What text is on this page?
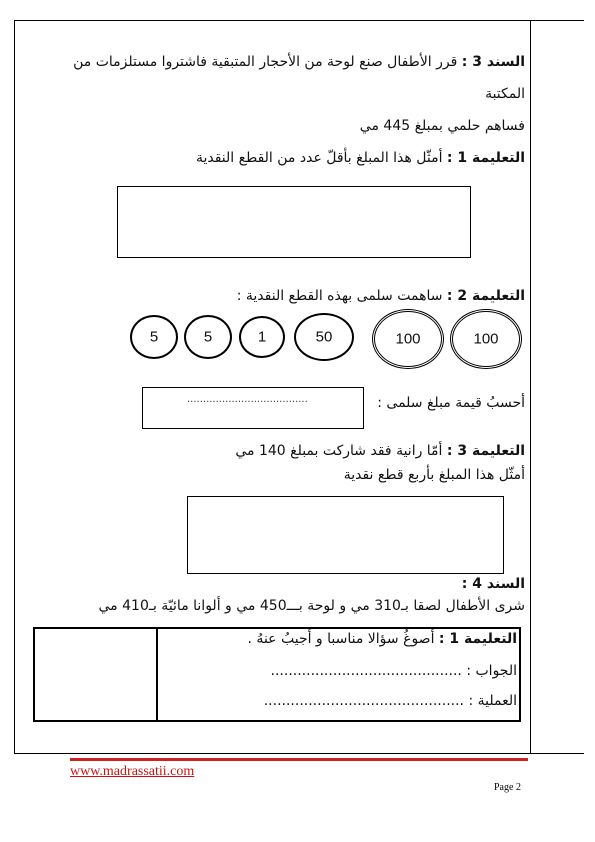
السند 3 : قرر الأطفال صنع لوحة من الأحجار المتبقية فاشتروا مستلزمات من
المكتبة
فساهم حلمي بمبلغ 445 مي
التعليمة 1 : أمثّل هذا المبلغ بأقلّ عدد من القطع النقدية
التعليمة 2 : ساهمت سلمى بهذه القطع النقدية :
5	5	1	50	100	100
أحسبُ قيمة مبلغ سلمى :
......................................
التعليمة 3 : أمّا رانية فقد شاركت بمبلغ 140 مي
أمثّل هذا المبلغ بأربع قطع نقدية
السند 4 :
شرى الأطفال لصقا بـ310 مي و لوحة بـــ450 مي و ألوانا مائيّة بـ410 مي

التعليمة 1 : أصوغُ سؤالا مناسبا و أجيبُ عنهُ .
الجواب : ...........................................
العملية : .............................................
www.madrassatii.com
Page 2
